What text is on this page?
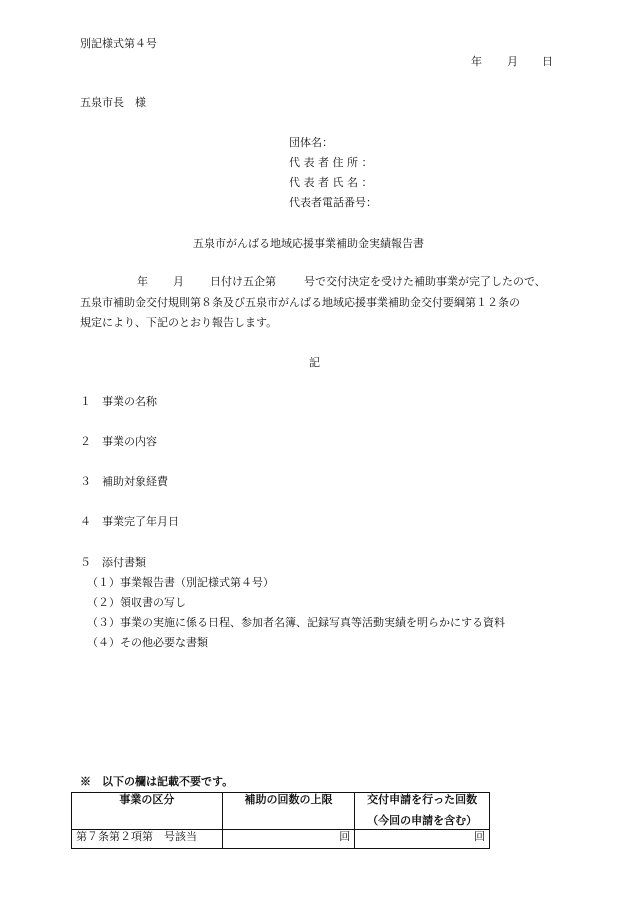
別記様式第４号
年 月 日
五泉市長　様
団体名：
代 表 者 住 所 ：
代 表 者 氏 名 ：
代表者電話番号：
五泉市がんばる地域応援事業補助金実績報告書
年 月 日付け五企第	号で交付決定を受けた補助事業が完了したので、
五泉市補助金交付規則第８条及び五泉市がんばる地域応援事業補助金交付要綱第１２条の
規定により、下記のとおり報告します。
記
１ 事業の名称
２ 事業の内容
３ 補助対象経費
４ 事業完了年月日
５ 添付書類
（１）事業報告書（別記様式第４号）
（２）領収書の写し
（３）事業の実施に係る日程、参加者名簿、記録写真等活動実績を明らかにする資料
（４）その他必要な書類
※　以下の欄は記載不要です。
事業の区分	補助の回数の上限	交付申請を行った回数
（今回の申請を含む）

第７条第２項第　号該当	回	回
